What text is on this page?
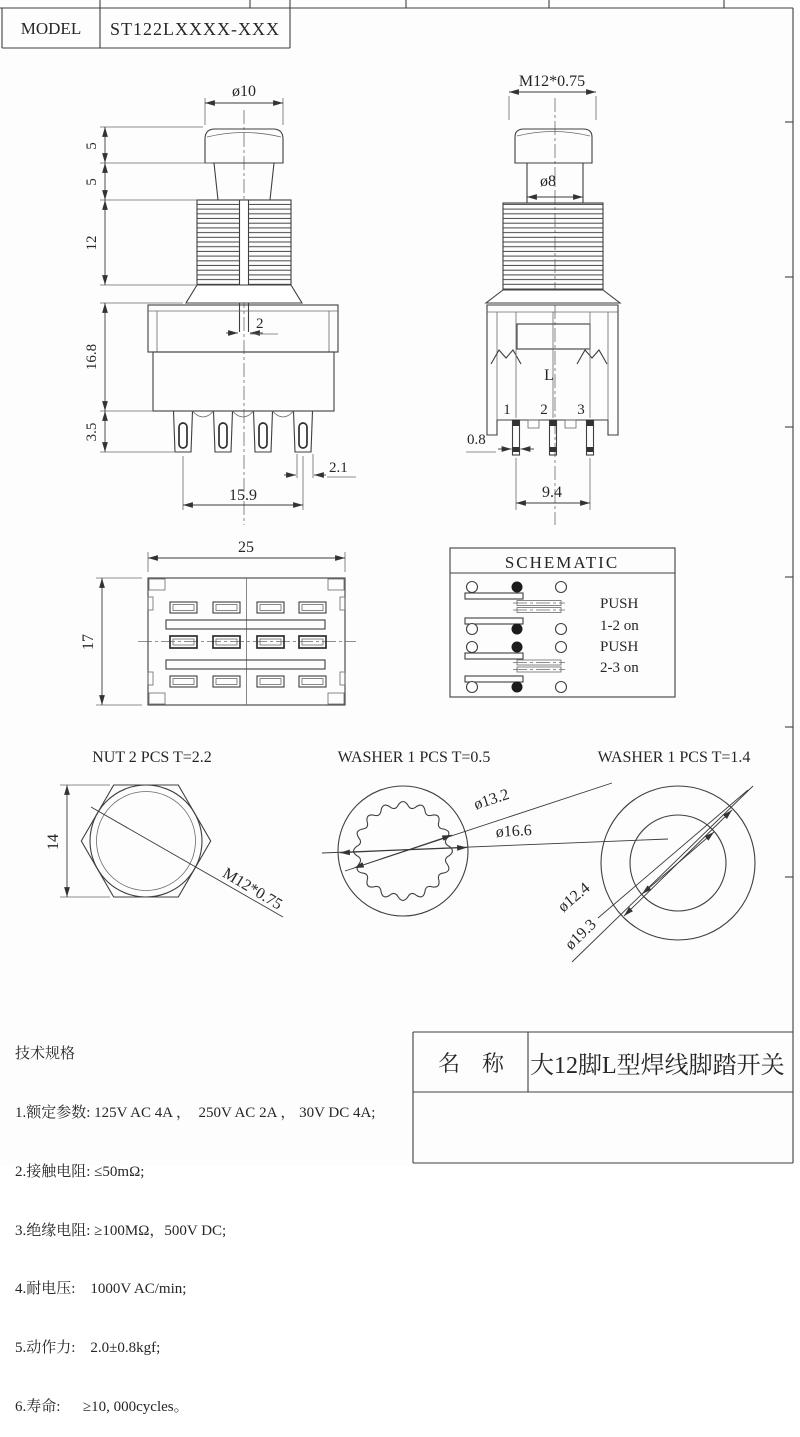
MODEL ST122LXXXX-XXX
ø10
5
5
12
16.8
3.5
2
2.1
15.9
M12*0.75
ø8
L
1 2 3
0.8
9.4
25
17
SCHEMATIC
PUSH
1-2 on
PUSH
2-3 on
NUT 2 PCS T=2.2
14
M12*0.75
WASHER 1 PCS T=0.5
ø13.2
ø16.6
WASHER 1 PCS T=1.4
ø12.4
ø19.3

技术规格

1.额定参数: 125V AC 4A ，  250V AC 2A ， 30V DC 4A;

2.接触电阻: ≤50mΩ;

3.绝缘电阻: ≥100MΩ，500V DC;

4.耐电压:    1000V AC/min;

5.动作力:    2.0±0.8kgf;

6.寿命:      ≥10, 000cycles。

名　称	大12脚L型焊线脚踏开关
